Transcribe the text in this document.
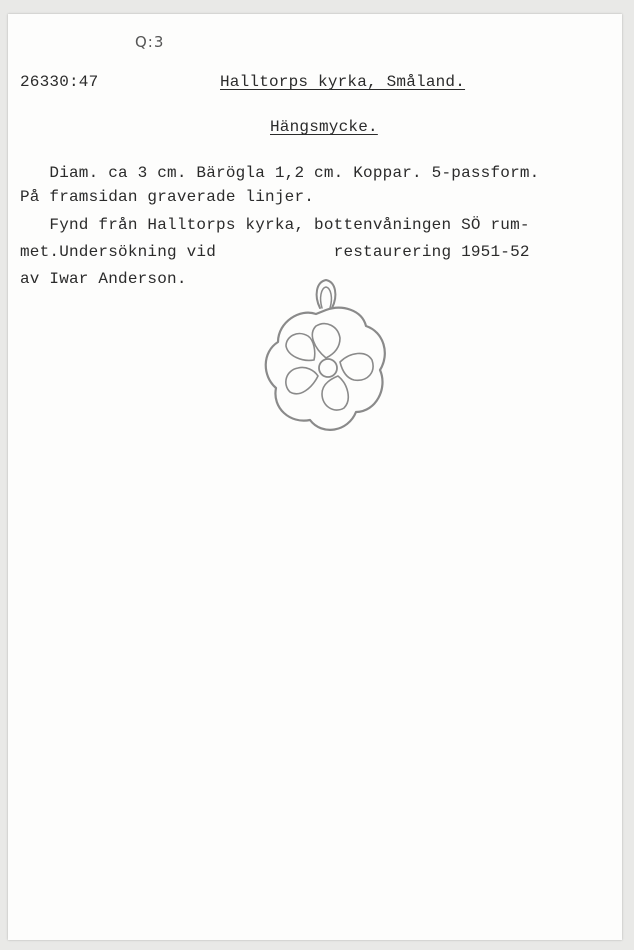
Q:3
26330:47	Halltorps kyrka, Småland.
Hängsmycke.
Diam. ca 3 cm. Bärögla 1,2 cm. Koppar. 5-passform.
På framsidan graverade linjer.
Fynd från Halltorps kyrka, bottenvåningen SÖ rum-
met.Undersökning vid            restaurering 1951-52
av Iwar Anderson.
